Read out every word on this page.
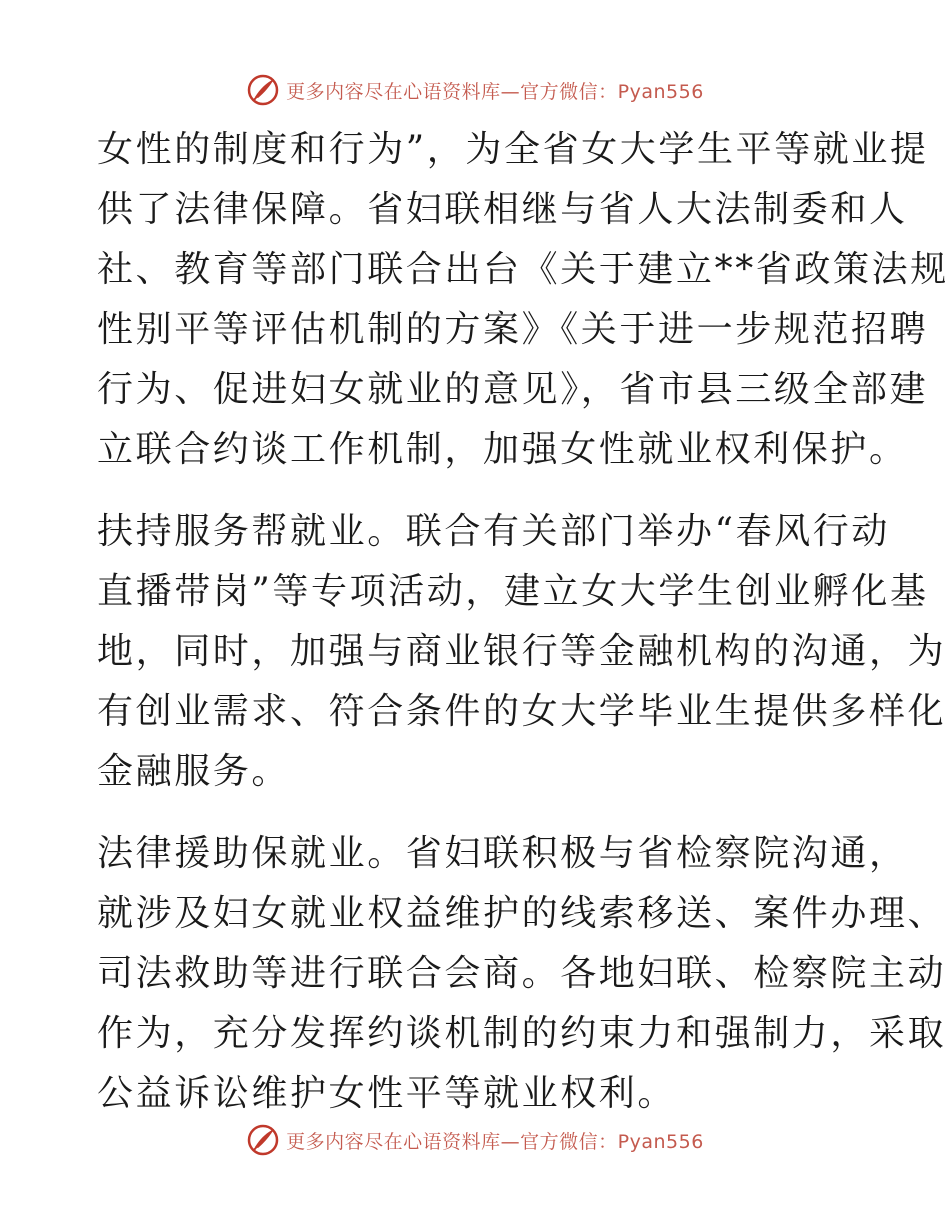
更多内容尽在心语资料库—官方微信：Pyan556
女性的制度和行为”，为全省女大学生平等就业提
供了法律保障。省妇联相继与省人大法制委和人
社、教育等部门联合出台《关于建立**省政策法规
性别平等评估机制的方案》《关于进一步规范招聘
行为、促进妇女就业的意见》，省市县三级全部建
立联合约谈工作机制，加强女性就业权利保护。
扶持服务帮就业。联合有关部门举办“春风行动
直播带岗”等专项活动，建立女大学生创业孵化基
地，同时，加强与商业银行等金融机构的沟通，为
有创业需求、符合条件的女大学毕业生提供多样化
金融服务。
法律援助保就业。省妇联积极与省检察院沟通，
就涉及妇女就业权益维护的线索移送、案件办理、
司法救助等进行联合会商。各地妇联、检察院主动
作为，充分发挥约谈机制的约束力和强制力，采取
公益诉讼维护女性平等就业权利。
更多内容尽在心语资料库—官方微信：Pyan556
